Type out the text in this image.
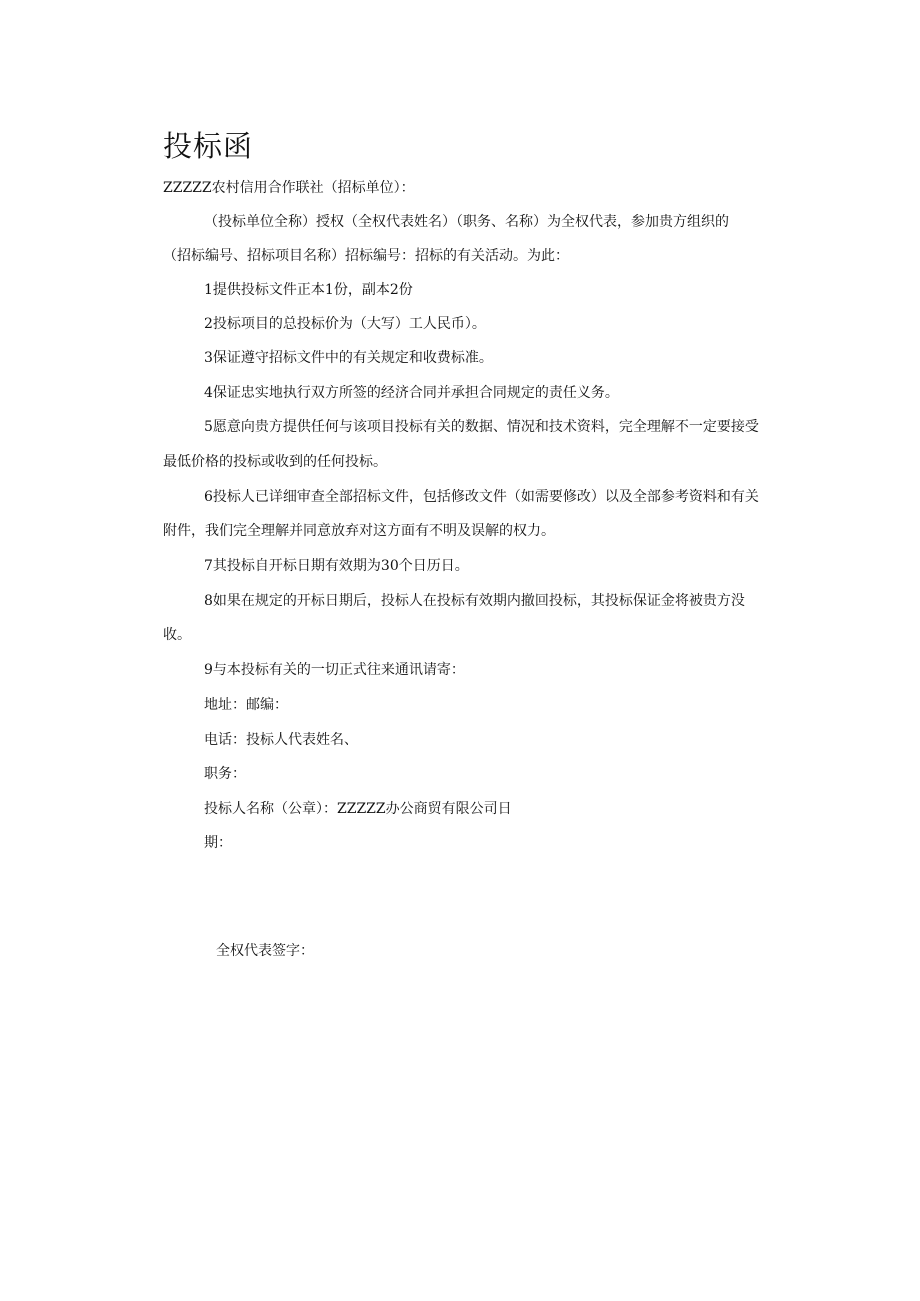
投标函
ZZZZZ农村信用合作联社（招标单位）：
（投标单位全称）授权（全权代表姓名）（职务、名称）为全权代表，参加贵方组织的
（招标编号、招标项目名称）招标编号：招标的有关活动。为此：
1提供投标文件正本1份，副本2份
2投标项目的总投标价为（大写）工人民币）。
3保证遵守招标文件中的有关规定和收费标准。
4保证忠实地执行双方所签的经济合同并承担合同规定的责任义务。
5愿意向贵方提供任何与该项目投标有关的数据、情况和技术资料，完全理解不一定要接受
最低价格的投标或收到的任何投标。
6投标人已详细审查全部招标文件，包括修改文件（如需要修改）以及全部参考资料和有关
附件，我们完全理解并同意放弃对这方面有不明及误解的权力。
7其投标自开标日期有效期为30个日历日。
8如果在规定的开标日期后，投标人在投标有效期内撤回投标，其投标保证金将被贵方没
收。
9与本投标有关的一切正式往来通讯请寄：
地址：邮编：
电话：投标人代表姓名、
职务：
投标人名称（公章）：ZZZZZ办公商贸有限公司日
期：
全权代表签字：
